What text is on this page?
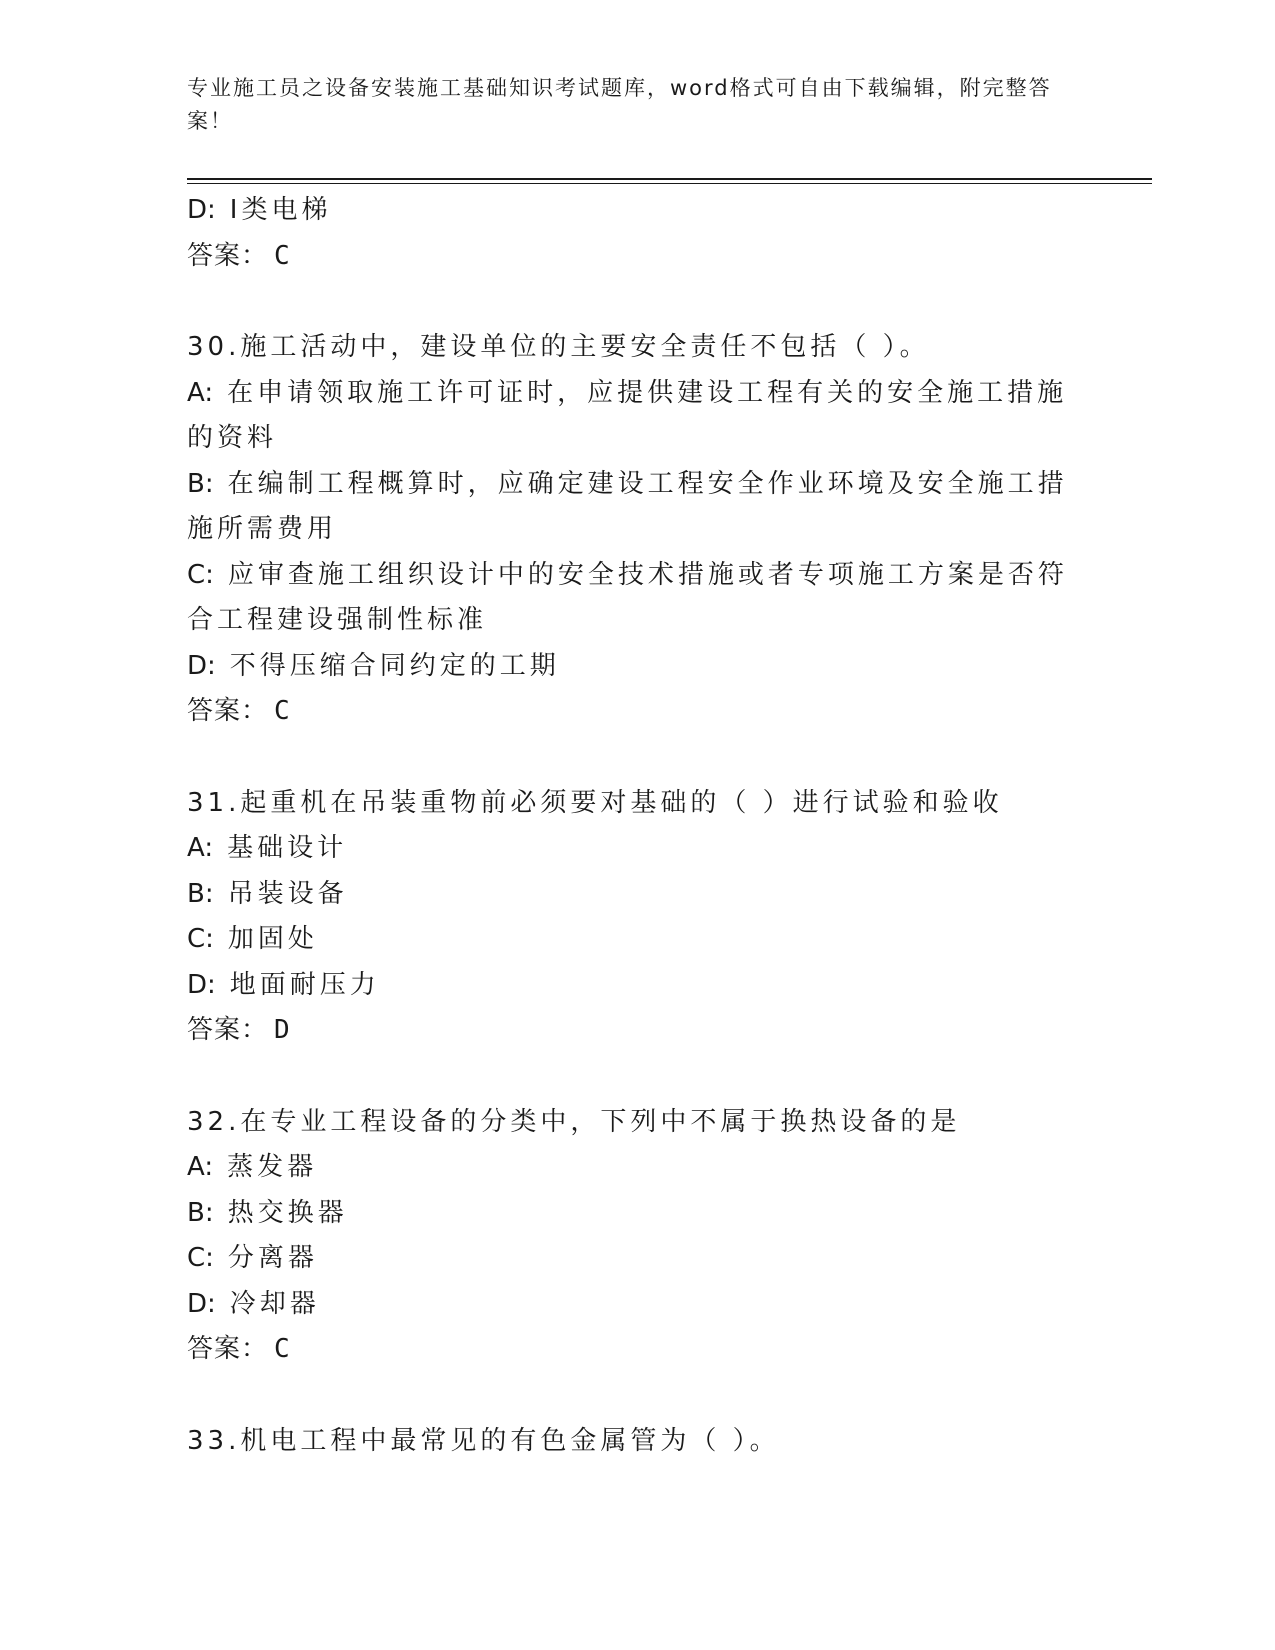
专业施工员之设备安装施工基础知识考试题库，word格式可自由下载编辑，附完整答案！
D: I类电梯
答案： C
30.施工活动中，建设单位的主要安全责任不包括（ ）。
A: 在申请领取施工许可证时，应提供建设工程有关的安全施工措施的资料
B: 在编制工程概算时，应确定建设工程安全作业环境及安全施工措施所需费用
C: 应审查施工组织设计中的安全技术措施或者专项施工方案是否符合工程建设强制性标准
D: 不得压缩合同约定的工期
答案： C
31.起重机在吊装重物前必须要对基础的（ ）进行试验和验收
A: 基础设计
B: 吊装设备
C: 加固处
D: 地面耐压力
答案： D
32.在专业工程设备的分类中，下列中不属于换热设备的是
A: 蒸发器
B: 热交换器
C: 分离器
D: 冷却器
答案： C
33.机电工程中最常见的有色金属管为（ ）。
